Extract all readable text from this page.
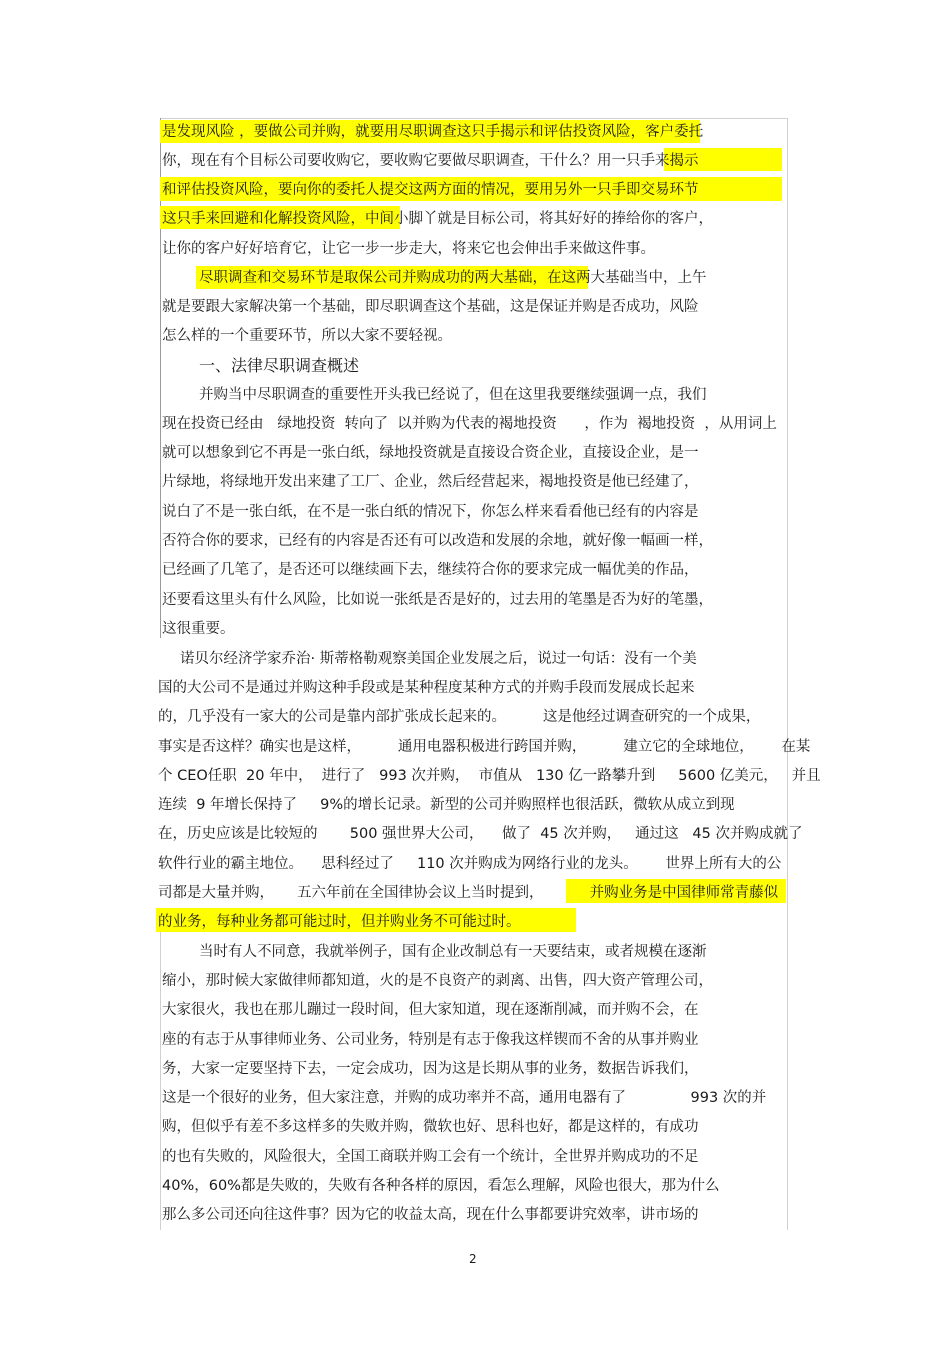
是发现风险 ，要做公司并购，就要用尽职调查这只手揭示和评估投资风险，客户委托
你，现在有个目标公司要收购它，要收购它要做尽职调查，干什么？用一只手来揭示
和评估投资风险，要向你的委托人提交这两方面的情况，要用另外一只手即交易环节
这只手来回避和化解投资风险，中间小脚丫就是目标公司，将其好好的捧给你的客户，
让你的客户好好培育它，让它一步一步走大，将来它也会伸出手来做这件事。
尽职调查和交易环节是取保公司并购成功的两大基础，在这两大基础当中，上午
就是要跟大家解决第一个基础，即尽职调查这个基础，这是保证并购是否成功，风险
怎么样的一个重要环节，所以大家不要轻视。
一、法律尽职调查概述
并购当中尽职调查的重要性开头我已经说了，但在这里我要继续强调一点，我们
现在投资已经由   绿地投资  转向了  以并购为代表的褐地投资      ，作为  褐地投资  ，从用词上
就可以想象到它不再是一张白纸，绿地投资就是直接设合资企业，直接设企业，是一
片绿地，将绿地开发出来建了工厂、企业，然后经营起来，褐地投资是他已经建了，
说白了不是一张白纸，在不是一张白纸的情况下，你怎么样来看看他已经有的内容是
否符合你的要求，已经有的内容是否还有可以改造和发展的余地，就好像一幅画一样，
已经画了几笔了，是否还可以继续画下去，继续符合你的要求完成一幅优美的作品，
还要看这里头有什么风险，比如说一张纸是否是好的，过去用的笔墨是否为好的笔墨，
这很重要。
诺贝尔经济学家乔治· 斯蒂格勒观察美国企业发展之后，说过一句话：没有一个美
国的大公司不是通过并购这种手段或是某种程度某种方式的并购手段而发展成长起来
的，几乎没有一家大的公司是靠内部扩张成长起来的。        这是他经过调查研究的一个成果，
事实是否这样？确实也是这样，        通用电器积极进行跨国并购，        建立它的全球地位，      在某
个 CEO任职  20 年中，  进行了   993 次并购，  市值从   130 亿一路攀升到     5600 亿美元，   并且
连续  9 年增长保持了     9%的增长记录。新型的公司并购照样也很活跃，微软从成立到现
在，历史应该是比较短的       500 强世界大公司，    做了  45 次并购，   通过这   45 次并购成就了
软件行业的霸主地位。    思科经过了     110 次并购成为网络行业的龙头。      世界上所有大的公
司都是大量并购，     五六年前在全国律协会议上当时提到，          并购业务是中国律师常青藤似
的业务，每种业务都可能过时，但并购业务不可能过时。
当时有人不同意，我就举例子，国有企业改制总有一天要结束，或者规模在逐渐
缩小，那时候大家做律师都知道，火的是不良资产的剥离、出售，四大资产管理公司，
大家很火，我也在那儿蹦过一段时间，但大家知道，现在逐渐削减，而并购不会，在
座的有志于从事律师业务、公司业务，特别是有志于像我这样锲而不舍的从事并购业
务，大家一定要坚持下去，一定会成功，因为这是长期从事的业务，数据告诉我们，
这是一个很好的业务，但大家注意，并购的成功率并不高，通用电器有了              993 次的并
购，但似乎有差不多这样多的失败并购，微软也好、思科也好，都是这样的，有成功
的也有失败的，风险很大，全国工商联并购工会有一个统计，全世界并购成功的不足
40%，60%都是失败的，失败有各种各样的原因，看怎么理解，风险也很大，那为什么
那么多公司还向往这件事？因为它的收益太高，现在什么事都要讲究效率，讲市场的
2
